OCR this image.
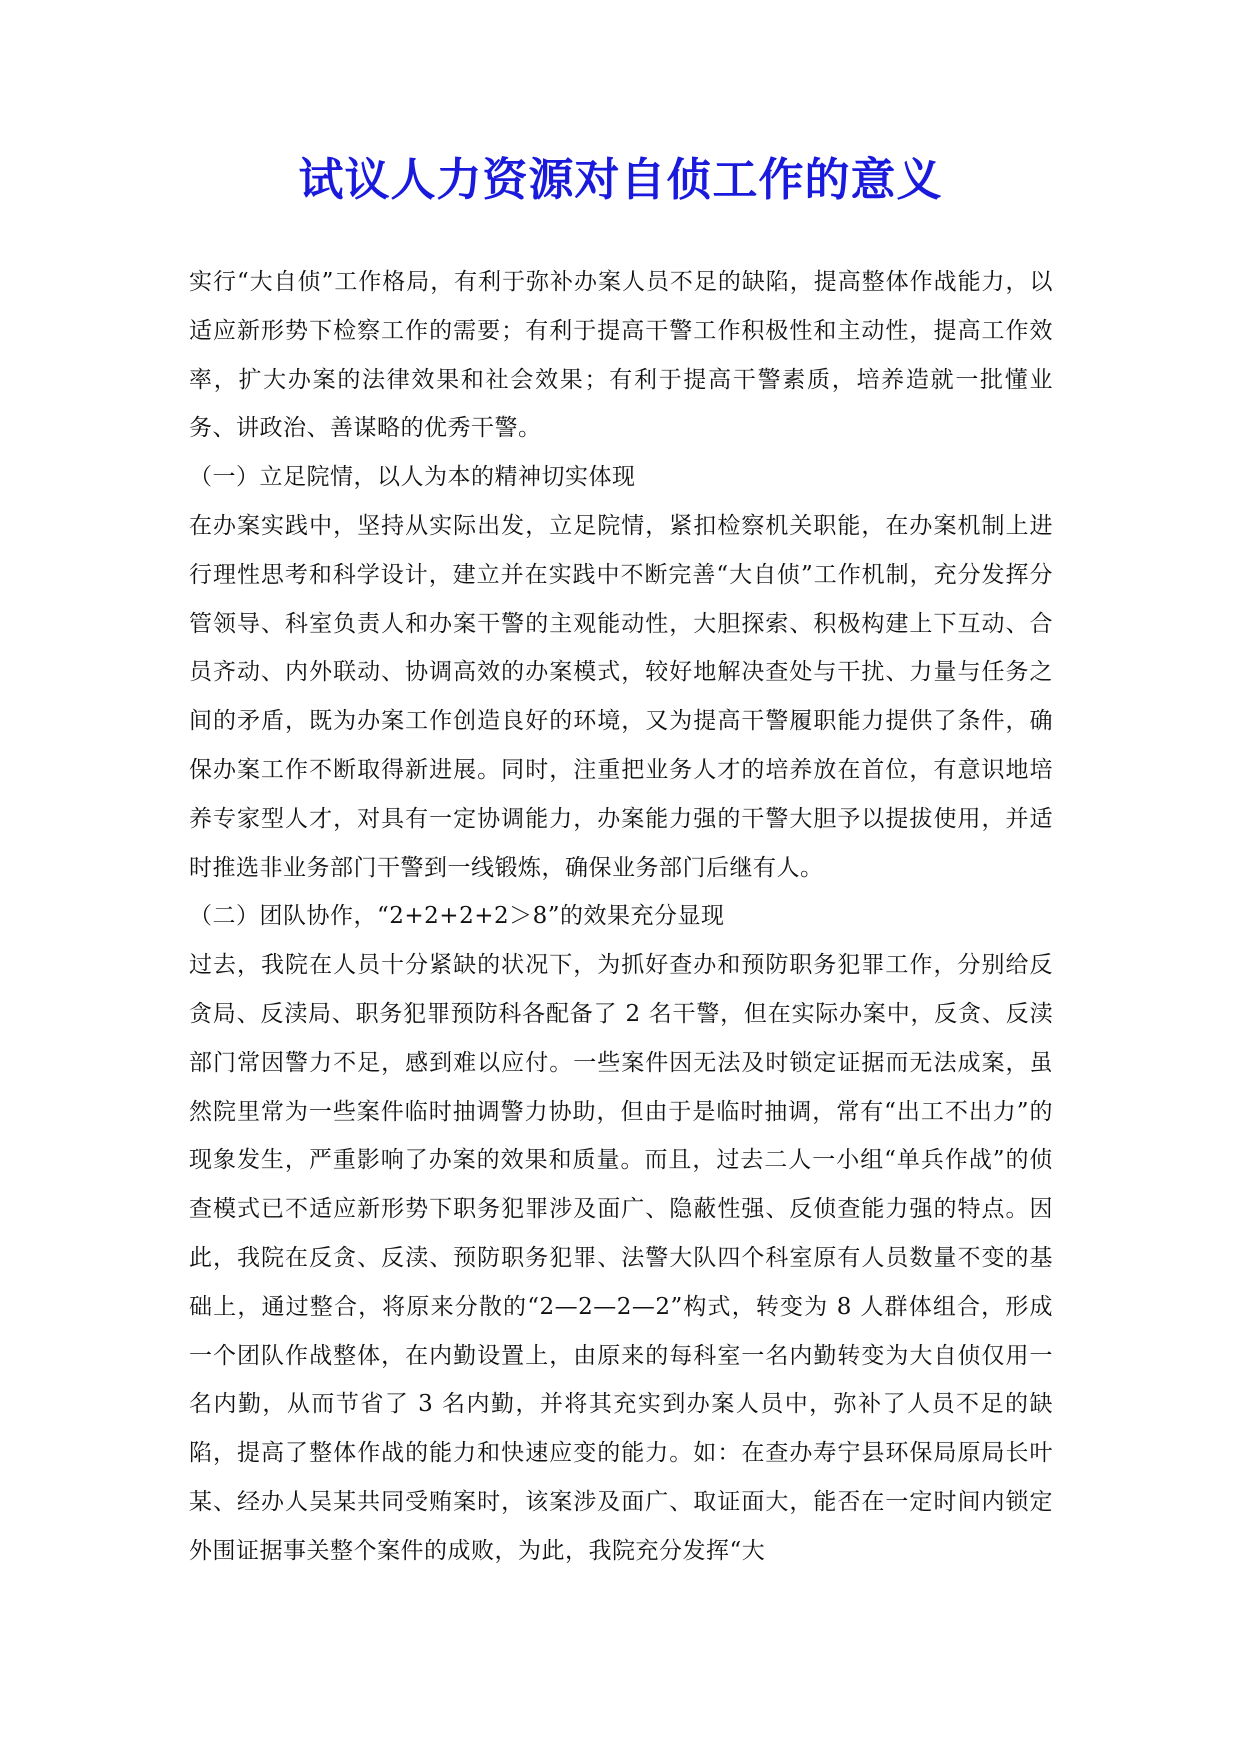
试议人力资源对自侦工作的意义

实行“大自侦”工作格局，有利于弥补办案人员不足的缺陷，提高整体作战能力，以适应新形势下检察工作的需要；有利于提高干警工作积极性和主动性，提高工作效率，扩大办案的法律效果和社会效果；有利于提高干警素质，培养造就一批懂业务、讲政治、善谋略的优秀干警。

（一）立足院情，以人为本的精神切实体现

在办案实践中，坚持从实际出发，立足院情，紧扣检察机关职能，在办案机制上进行理性思考和科学设计，建立并在实践中不断完善“大自侦”工作机制，充分发挥分管领导、科室负责人和办案干警的主观能动性，大胆探索、积极构建上下互动、合员齐动、内外联动、协调高效的办案模式，较好地解决查处与干扰、力量与任务之间的矛盾，既为办案工作创造良好的环境，又为提高干警履职能力提供了条件，确保办案工作不断取得新进展。同时，注重把业务人才的培养放在首位，有意识地培养专家型人才，对具有一定协调能力，办案能力强的干警大胆予以提拔使用，并适时推选非业务部门干警到一线锻炼，确保业务部门后继有人。

（二）团队协作，“2+2+2+2＞8”的效果充分显现

过去，我院在人员十分紧缺的状况下，为抓好查办和预防职务犯罪工作，分别给反贪局、反渎局、职务犯罪预防科各配备了 2 名干警，但在实际办案中，反贪、反渎部门常因警力不足，感到难以应付。一些案件因无法及时锁定证据而无法成案，虽然院里常为一些案件临时抽调警力协助，但由于是临时抽调，常有“出工不出力”的现象发生，严重影响了办案的效果和质量。而且，过去二人一小组“单兵作战”的侦查模式已不适应新形势下职务犯罪涉及面广、隐蔽性强、反侦查能力强的特点。因此，我院在反贪、反渎、预防职务犯罪、法警大队四个科室原有人员数量不变的基础上，通过整合，将原来分散的“2—2—2—2”构式，转变为 8 人群体组合，形成一个团队作战整体，在内勤设置上，由原来的每科室一名内勤转变为大自侦仅用一名内勤，从而节省了 3 名内勤，并将其充实到办案人员中，弥补了人员不足的缺陷，提高了整体作战的能力和快速应变的能力。如：在查办寿宁县环保局原局长叶某、经办人吴某共同受贿案时，该案涉及面广、取证面大，能否在一定时间内锁定外围证据事关整个案件的成败，为此，我院充分发挥“大
